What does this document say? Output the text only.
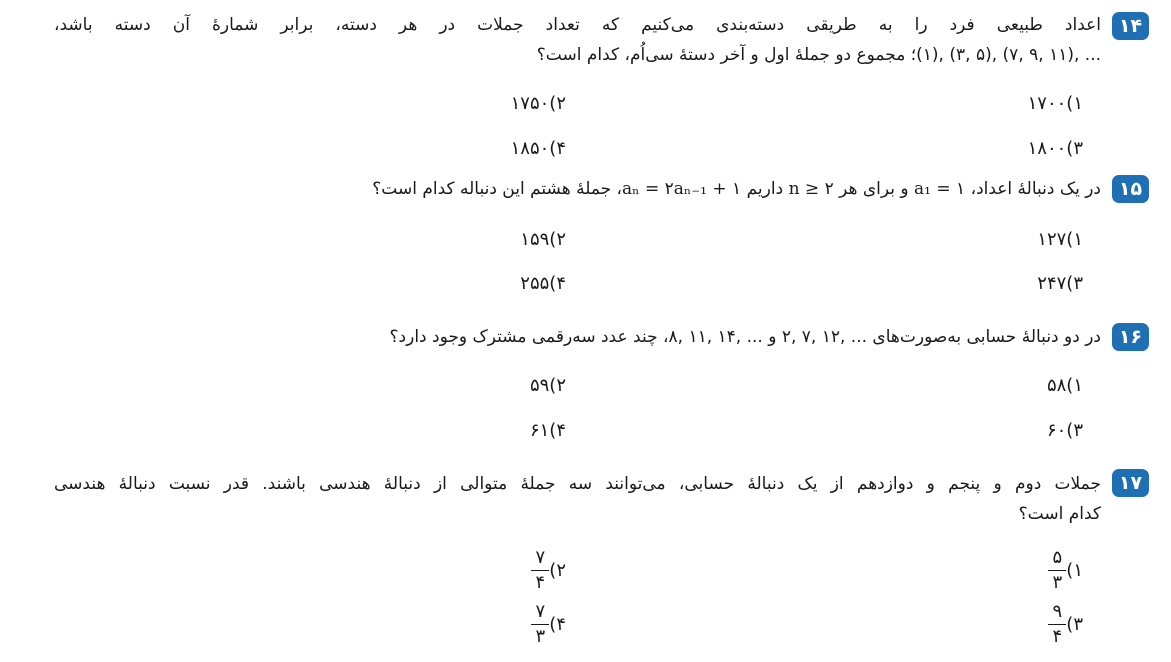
۱۴
اعداد طبیعی فرد را به طریقی دسته‌بندی می‌کنیم که تعداد جملات در هر دسته، برابر شمارهٔ آن دسته باشد،
... ,(۱۱ ,۹ ,۷) ,(۵ ,۳) ,(۱)؛ مجموع دو جملهٔ اول و آخر دستهٔ سی‌اُم، کدام است؟
۱)
۱۷۰۰
۲)
۱۷۵۰
۳)
۱۸۰۰
۴)
۱۸۵۰
۱۵
در یک دنبالهٔ اعداد، a₁ = ۱ و برای هر n ≥ ۲ داریم aₙ = ۲aₙ₋₁ + ۱، جملهٔ هشتم این دنباله کدام است؟
۱)
۱۲۷
۲)
۱۵۹
۳)
۲۴۷
۴)
۲۵۵
۱۶
در دو دنبالهٔ حسابی به‌صورت‌های ... ,۱۲ ,۷ ,۲ و ... ,۱۴ ,۱۱ ,۸، چند عدد سه‌رقمی مشترک وجود دارد؟
۱)
۵۸
۲)
۵۹
۳)
۶۰
۴)
۶۱
۱۷
جملات دوم و پنجم و دوازدهم از یک دنبالهٔ حسابی، می‌توانند سه جملهٔ متوالی از دنبالهٔ هندسی باشند. قدر نسبت دنبالهٔ هندسی
کدام است؟
۱)
$\frac{۵}{۳}$
۲)
$\frac{۷}{۴}$
۳)
$\frac{۹}{۴}$
۴)
$\frac{۷}{۳}$
